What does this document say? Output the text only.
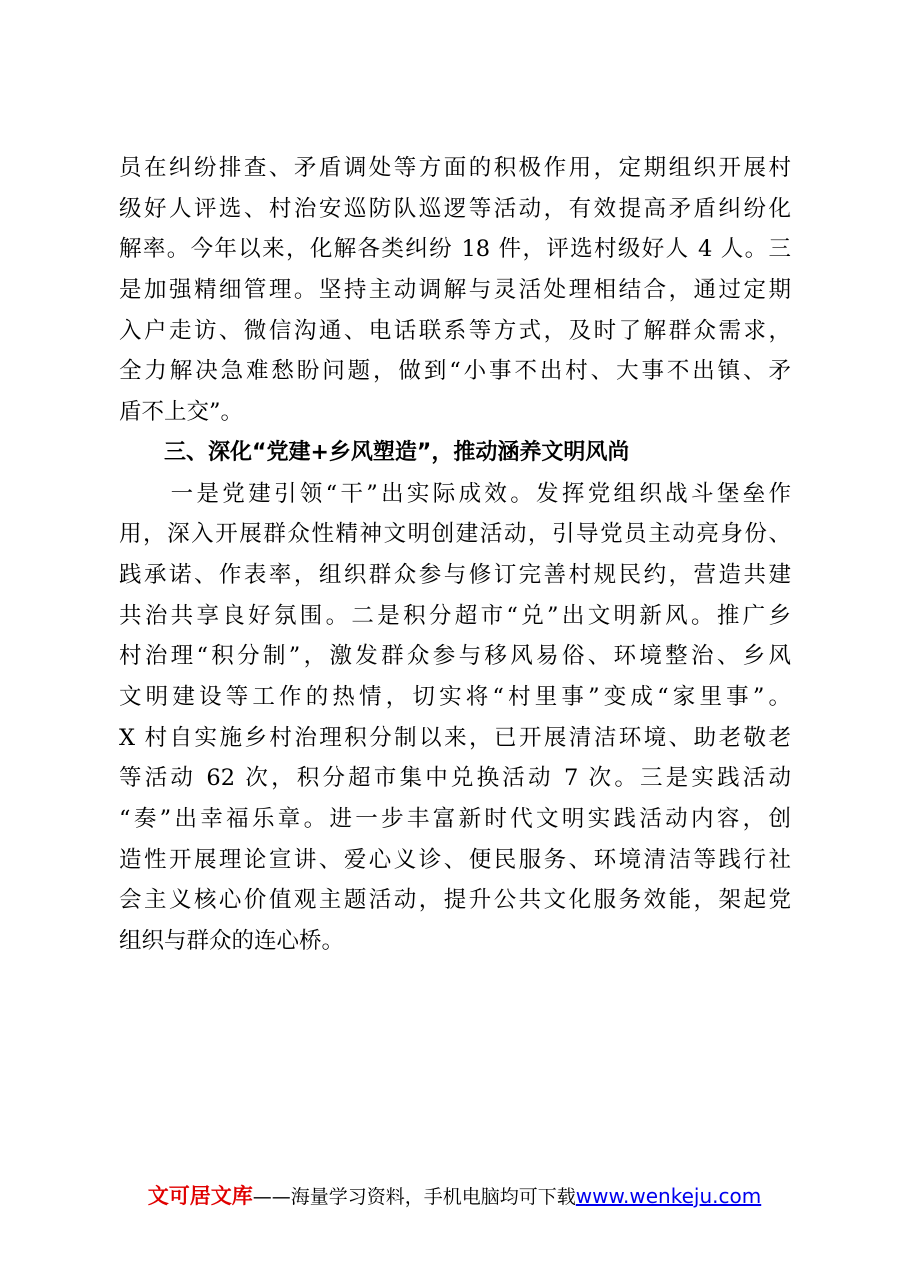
员在纠纷排查、矛盾调处等方面的积极作用，定期组织开展村
级好人评选、村治安巡防队巡逻等活动，有效提高矛盾纠纷化
解率。今年以来，化解各类纠纷 18 件，评选村级好人 4 人。三
是加强精细管理。坚持主动调解与灵活处理相结合，通过定期
入户走访、微信沟通、电话联系等方式，及时了解群众需求，
全力解决急难愁盼问题，做到“小事不出村、大事不出镇、矛
盾不上交”。
三、深化“党建+乡风塑造”，推动涵养文明风尚
　　一是党建引领“干”出实际成效。发挥党组织战斗堡垒作
用，深入开展群众性精神文明创建活动，引导党员主动亮身份、
践承诺、作表率，组织群众参与修订完善村规民约，营造共建
共治共享良好氛围。二是积分超市“兑”出文明新风。推广乡
村治理“积分制”，激发群众参与移风易俗、环境整治、乡风
文明建设等工作的热情，切实将“村里事”变成“家里事”。
X 村自实施乡村治理积分制以来，已开展清洁环境、助老敬老
等活动 62 次，积分超市集中兑换活动 7 次。三是实践活动
“奏”出幸福乐章。进一步丰富新时代文明实践活动内容，创
造性开展理论宣讲、爱心义诊、便民服务、环境清洁等践行社
会主义核心价值观主题活动，提升公共文化服务效能，架起党
组织与群众的连心桥。
文可居文库——海量学习资料，手机电脑均可下载www.wenkeju.com
